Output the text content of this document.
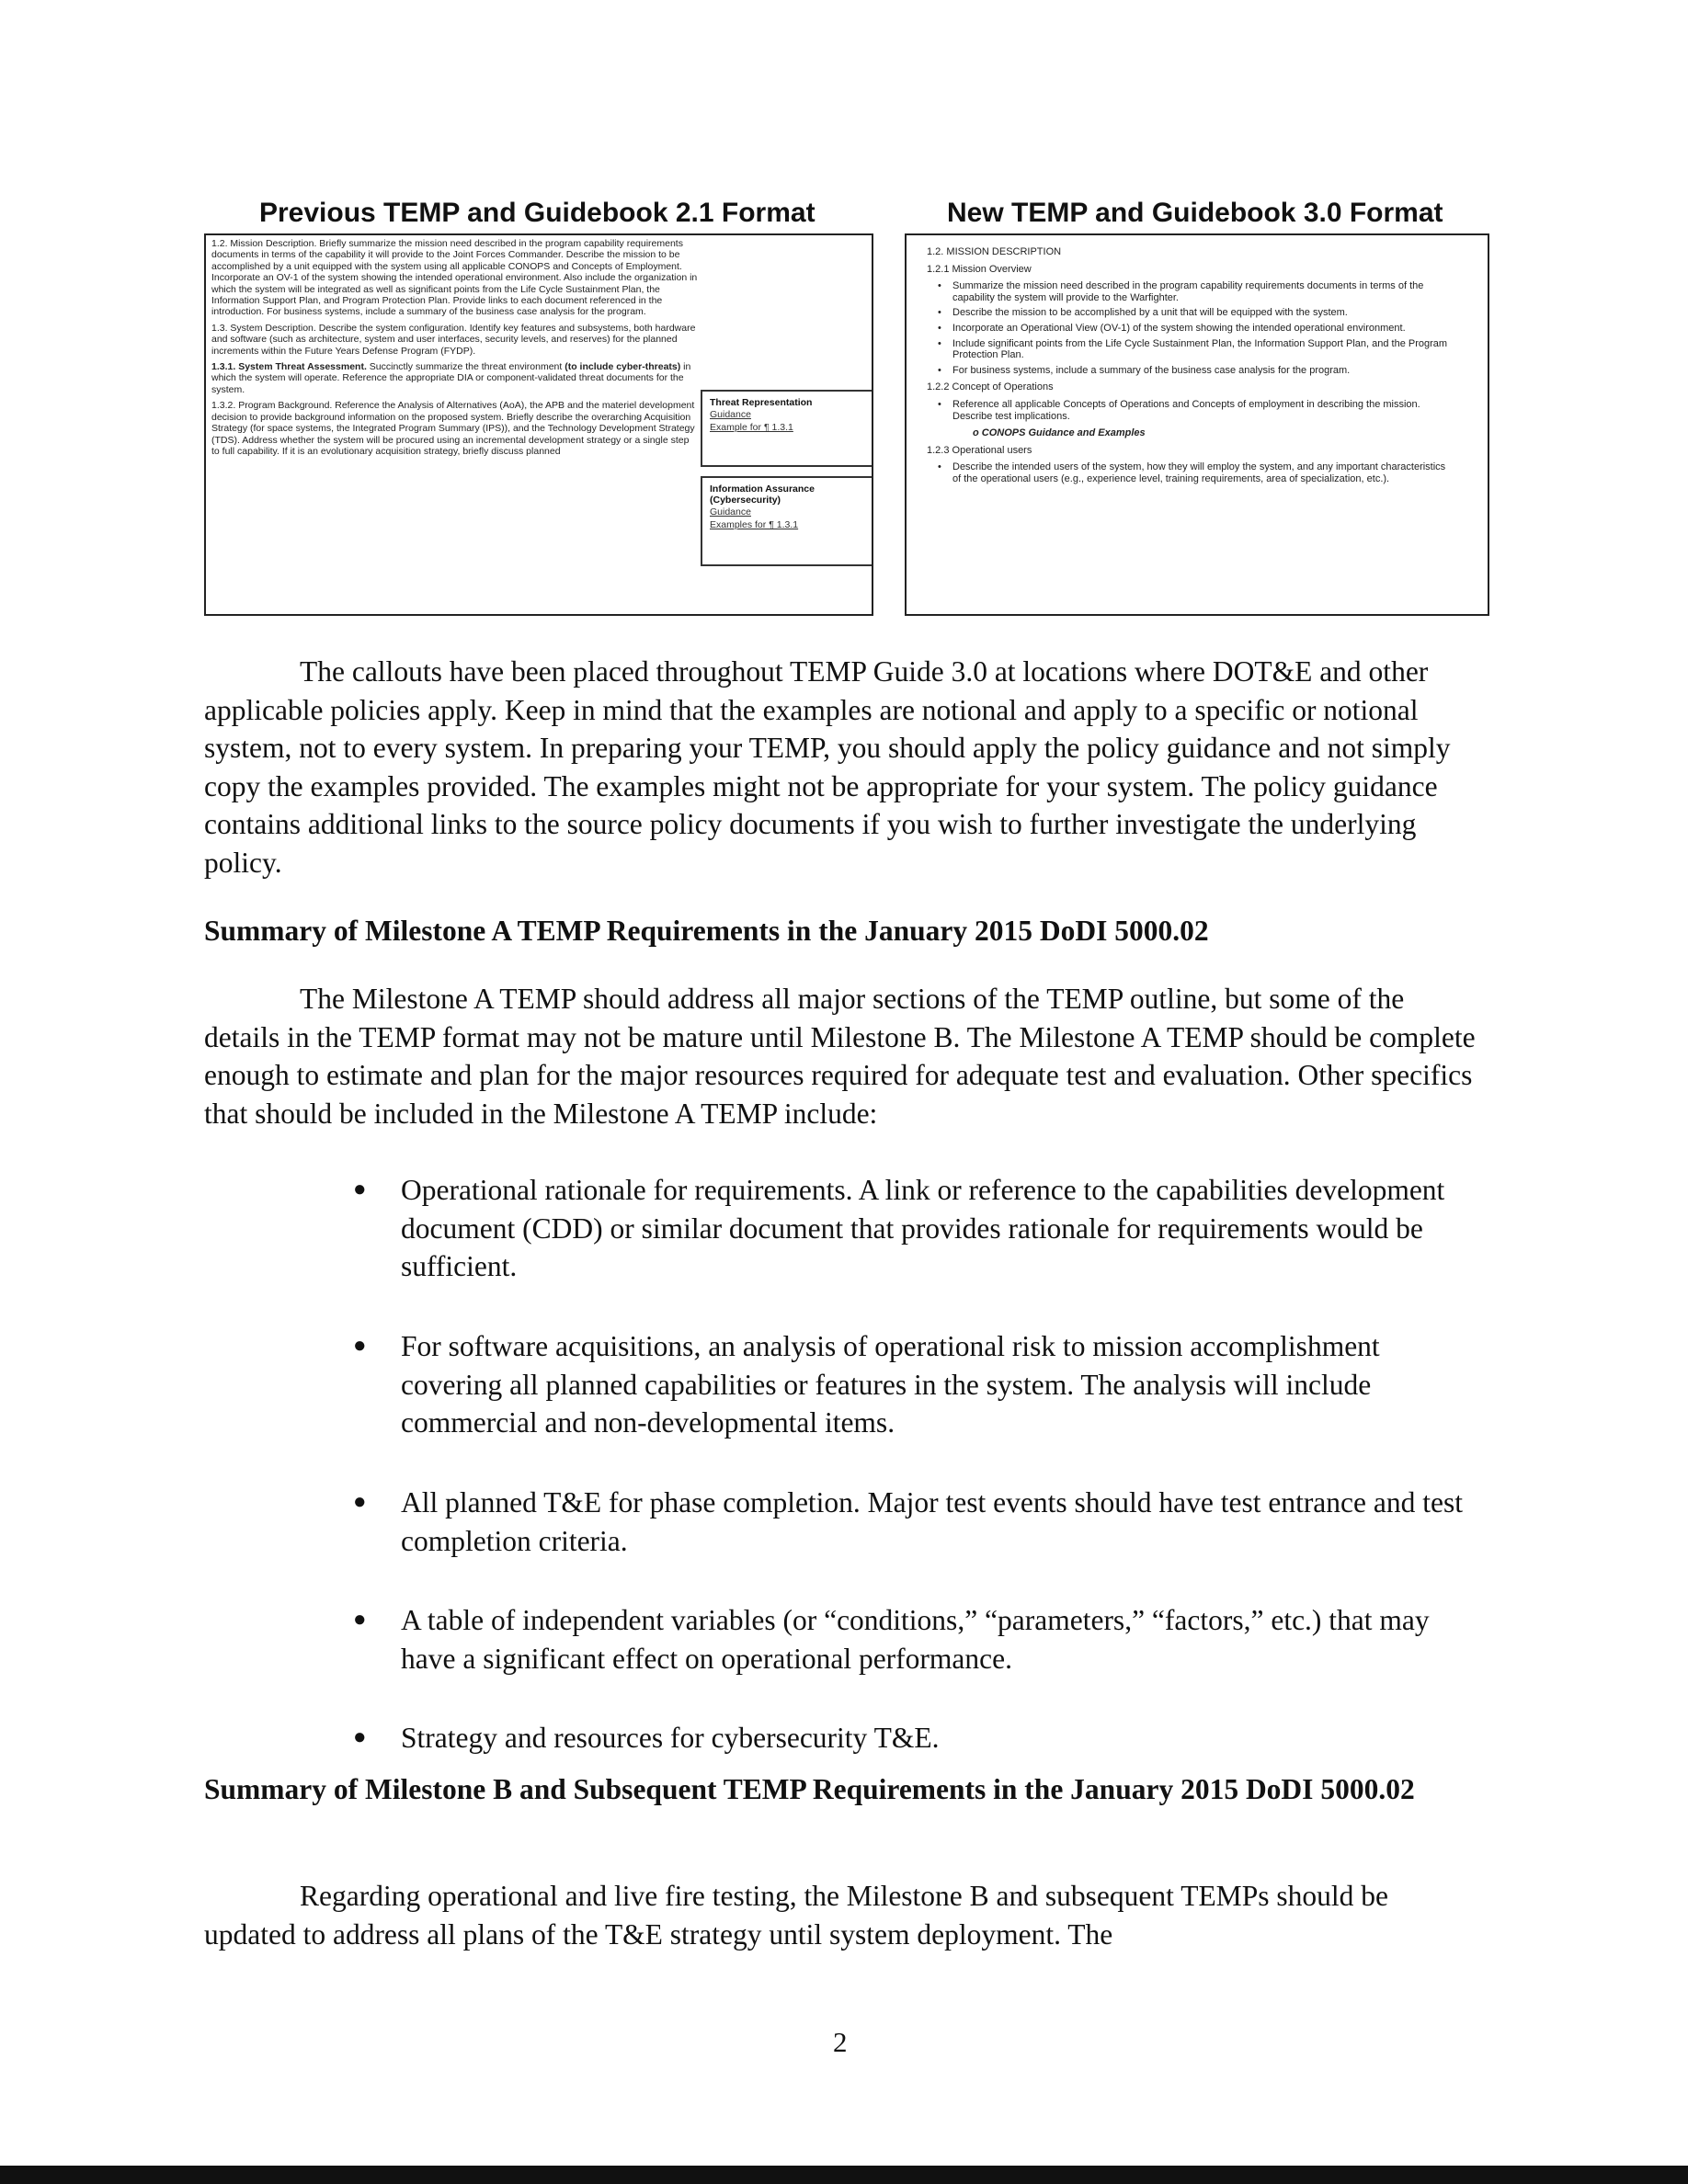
Previous TEMP and Guidebook 2.1 Format	New TEMP and Guidebook 3.0 Format

1.2. Mission Description. Briefly summarize the mission need described in the program capability requirements documents in terms of the capability it will provide to the Joint Forces Commander. Describe the mission to be accomplished by a unit equipped with the system using all applicable CONOPS and Concepts of Employment. Incorporate an OV-1 of the system showing the intended operational environment. Also include the organization in which the system will be integrated as well as significant points from the Life Cycle Sustainment Plan, the Information Support Plan, and Program Protection Plan. Provide links to each document referenced in the introduction. For business systems, include a summary of the business case analysis for the program.

1.3. System Description. Describe the system configuration. Identify key features and subsystems, both hardware and software (such as architecture, system and user interfaces, security levels, and reserves) for the planned increments within the Future Years Defense Program (FYDP).

1.3.1. System Threat Assessment. Succinctly summarize the threat environment (to include cyber-threats) in which the system will operate. Reference the appropriate DIA or component-validated threat documents for the system.

1.3.2. Program Background. Reference the Analysis of Alternatives (AoA), the APB and the materiel development decision to provide background information on the proposed system. Briefly describe the overarching Acquisition Strategy (for space systems, the Integrated Program Summary (IPS)), and the Technology Development Strategy (TDS). Address whether the system will be procured using an incremental development strategy or a single step to full capability. If it is an evolutionary acquisition strategy, briefly discuss planned

Threat Representation
Guidance
Example for ¶ 1.3.1
Information Assurance (Cybersecurity)
Guidance
Examples for ¶ 1.3.1
1.2. MISSION DESCRIPTION
1.2.1 Mission Overview
• Summarize the mission need described in the program capability requirements documents in terms of the capability the system will provide to the Warfighter.
• Describe the mission to be accomplished by a unit that will be equipped with the system.
• Incorporate an Operational View (OV-1) of the system showing the intended operational environment.
• Include significant points from the Life Cycle Sustainment Plan, the Information Support Plan, and the Program Protection Plan.
• For business systems, include a summary of the business case analysis for the program.
1.2.2 Concept of Operations
• Reference all applicable Concepts of Operations and Concepts of employment in describing the mission. Describe test implications.
o CONOPS Guidance and Examples
1.2.3 Operational users
• Describe the intended users of the system, how they will employ the system, and any important characteristics of the operational users (e.g., experience level, training requirements, area of specialization, etc.).
The callouts have been placed throughout TEMP Guide 3.0 at locations where DOT&E and other applicable policies apply. Keep in mind that the examples are notional and apply to a specific or notional system, not to every system. In preparing your TEMP, you should apply the policy guidance and not simply copy the examples provided. The examples might not be appropriate for your system. The policy guidance contains additional links to the source policy documents if you wish to further investigate the underlying policy.
Summary of Milestone A TEMP Requirements in the January 2015 DoDI 5000.02
The Milestone A TEMP should address all major sections of the TEMP outline, but some of the details in the TEMP format may not be mature until Milestone B. The Milestone A TEMP should be complete enough to estimate and plan for the major resources required for adequate test and evaluation. Other specifics that should be included in the Milestone A TEMP include:
●	Operational rationale for requirements. A link or reference to the capabilities development document (CDD) or similar document that provides rationale for requirements would be sufficient.
●	For software acquisitions, an analysis of operational risk to mission accomplishment covering all planned capabilities or features in the system. The analysis will include commercial and non-developmental items.
●	All planned T&E for phase completion. Major test events should have test entrance and test completion criteria.
●	A table of independent variables (or “conditions,” “parameters,” “factors,” etc.) that may have a significant effect on operational performance.
●	Strategy and resources for cybersecurity T&E.
Summary of Milestone B and Subsequent TEMP Requirements in the January 2015 DoDI 5000.02
Regarding operational and live fire testing, the Milestone B and subsequent TEMPs should be updated to address all plans of the T&E strategy until system deployment. The
2
